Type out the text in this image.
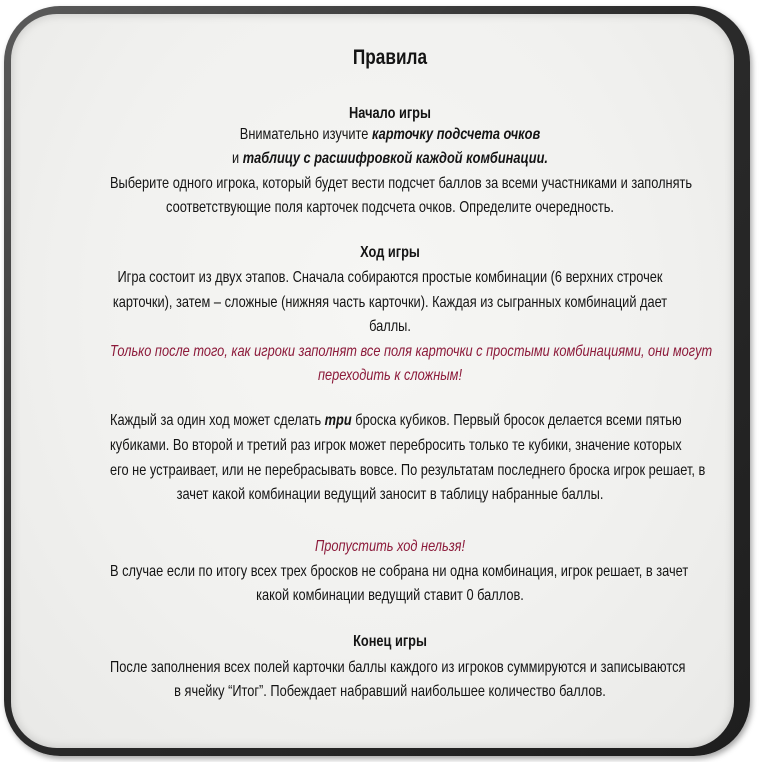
Правила
Начало игры
Внимательно изучите карточку подсчета очков
и таблицу с расшифровкой каждой комбинации.
Выберите одного игрока, который будет вести подсчет баллов за всеми участниками и заполнять
соответствующие поля карточек подсчета очков. Определите очередность.
Ход игры
Игра состоит из двух этапов. Сначала собираются простые комбинации (6 верхних строчек
карточки), затем – сложные (нижняя часть карточки). Каждая из сыгранных комбинаций дает
баллы.
Только после того, как игроки заполнят все поля карточки с простыми комбинациями, они могут
переходить к сложным!
Каждый за один ход может сделать три броска кубиков. Первый бросок делается всеми пятью
кубиками. Во второй и третий раз игрок может перебросить только те кубики, значение которых
его не устраивает, или не перебрасывать вовсе. По результатам последнего броска игрок решает, в
зачет какой комбинации ведущий заносит в таблицу набранные баллы.
Пропустить ход нельзя!
В случае если по итогу всех трех бросков не собрана ни одна комбинация, игрок решает, в зачет
какой комбинации ведущий ставит 0 баллов.
Конец игры
После заполнения всех полей карточки баллы каждого из игроков суммируются и записываются
в ячейку “Итог”. Побеждает набравший наибольшее количество баллов.
